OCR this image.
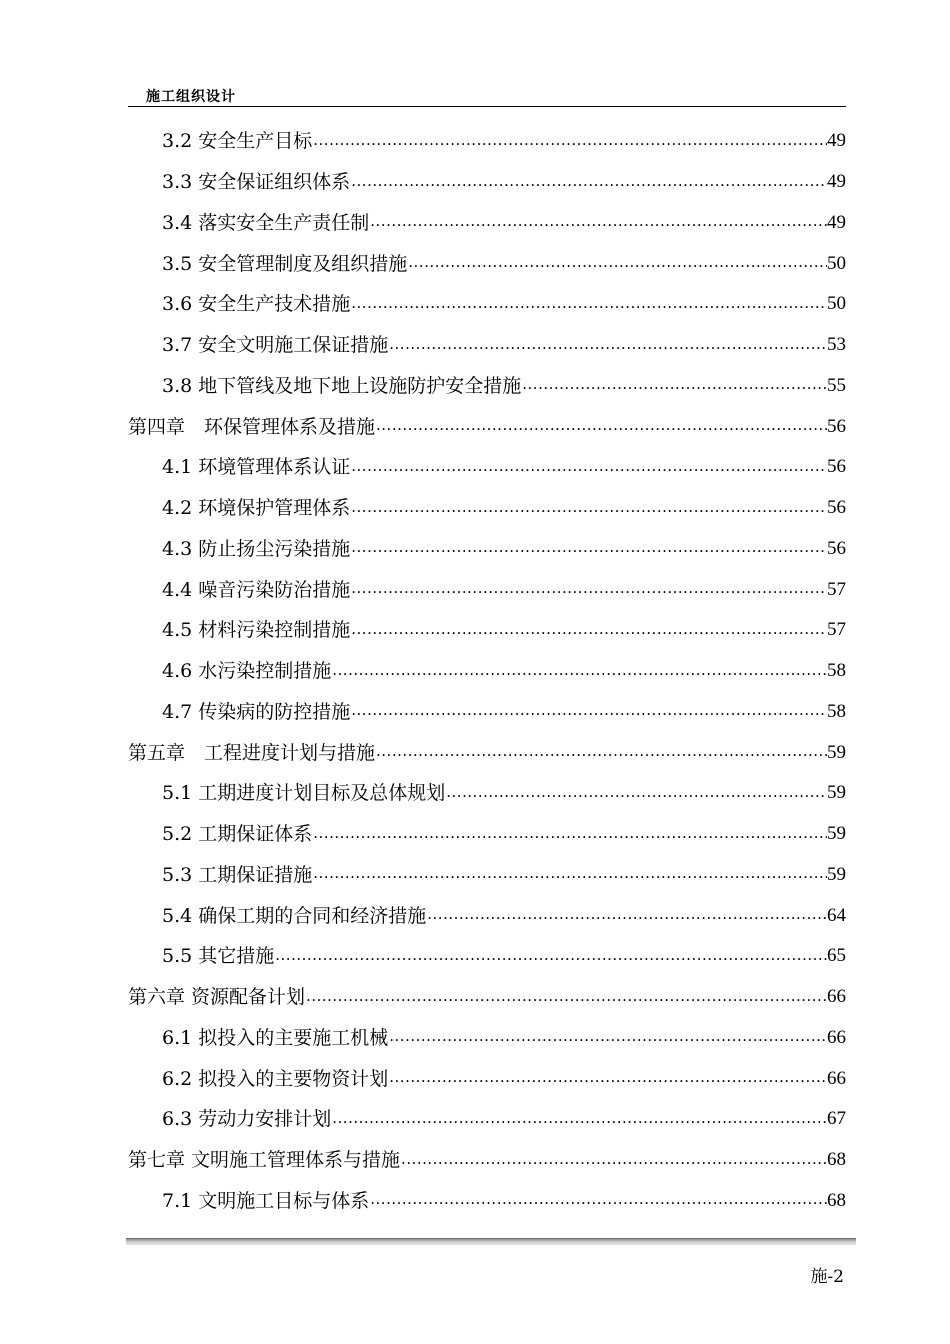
施工组织设计
3.2 安全生产目标 .....	49
3.3 安全保证组织体系 .....	49
3.4 落实安全生产责任制 .....	49
3.5 安全管理制度及组织措施 .....	50
3.6 安全生产技术措施 .....	50
3.7 安全文明施工保证措施 .....	53
3.8 地下管线及地下地上设施防护安全措施 .....	55
第四章　环保管理体系及措施 .....	56
4.1 环境管理体系认证 .....	56
4.2 环境保护管理体系 .....	56
4.3 防止扬尘污染措施 .....	56
4.4 噪音污染防治措施 .....	57
4.5 材料污染控制措施 .....	57
4.6 水污染控制措施 .....	58
4.7 传染病的防控措施 .....	58
第五章　工程进度计划与措施 .....	59
5.1 工期进度计划目标及总体规划 .....	59
5.2 工期保证体系 .....	59
5.3 工期保证措施 .....	59
5.4 确保工期的合同和经济措施 .....	64
5.5 其它措施 .....	65
第六章 资源配备计划 .....	66
6.1 拟投入的主要施工机械 .....	66
6.2 拟投入的主要物资计划 .....	66
6.3 劳动力安排计划 .....	67
第七章 文明施工管理体系与措施 .....	68
7.1 文明施工目标与体系 .....	68
施-2
